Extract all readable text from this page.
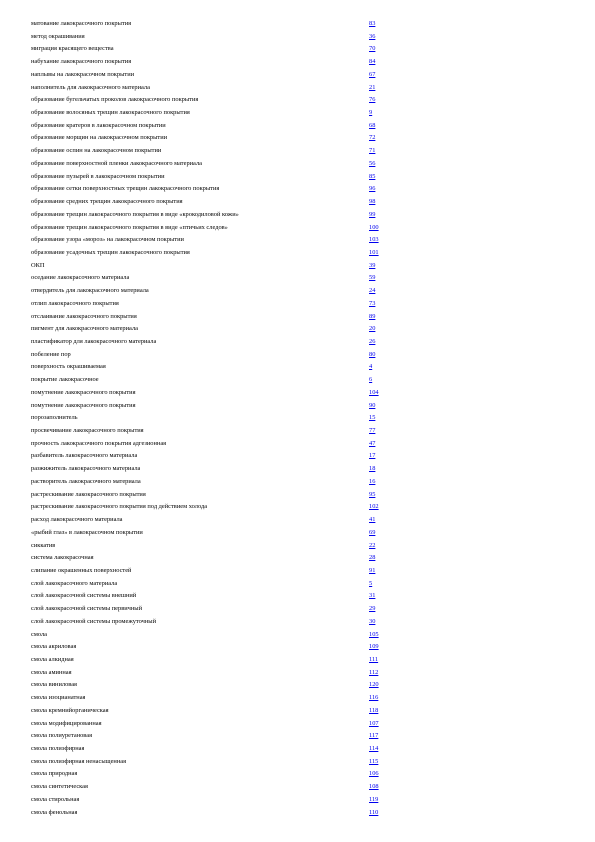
матование лакокрасочного покрытия	83
метод окрашивания	36
миграция красящего вещества	70
набухание лакокрасочного покрытия	84
наплывы на лакокрасочном покрытии	67
наполнитель для лакокрасочного материала	21
образование бугельчатых проколов лакокрасочного покрытия	76
образование волосяных трещин лакокрасочного покрытия	9
образование кратеров в лакокрасочном покрытии	68
образование морщин на лакокрасочном покрытии	72
образование оспин на лакокрасочном покрытии	71
образование поверхностной пленки лакокрасочного материала	56
образование пузырей в лакокрасочном покрытии	85
образование сетки поверхностных трещин лакокрасочного покрытия	96
образование средних трещин лакокрасочного покрытия	98
образование трещин лакокрасочного покрытия в виде «крокодиловой кожи»	99
образование трещин лакокрасочного покрытия в виде «птичьих следов»	100
образование узора «мороз» на лакокрасочном покрытии	103
образование усадочных трещин лакокрасочного покрытия	101
ОКП	39
оседание лакокрасочного материала	59
отвердитель для лакокрасочного материала	24
отлип лакокрасочного покрытия	73
отслаивание лакокрасочного покрытия	89
пигмент для лакокрасочного материала	20
пластификатор для лакокрасочного материала	26
побеление пор	80
поверхность окрашиваемая	4
покрытие лакокрасочное	6
помутнение лакокрасочного покрытия	104
помутнение лакокрасочного покрытия	90
порозаполнитель	15
просвечивание лакокрасочного покрытия	77
прочность лакокрасочного покрытия адгезионная	47
разбавитель лакокрасочного материала	17
разжижитель лакокрасочного материала	18
растворитель лакокрасочного материала	16
растрескивание лакокрасочного покрытия	95
растрескивание лакокрасочного покрытия под действием холода	102
расход лакокрасочного материала	41
«рыбий глаз» в лакокрасочном покрытии	69
сиккатив	22
система лакокрасочная	28
слипание окрашенных поверхностей	91
слой лакокрасочного материала	5
слой лакокрасочной системы внешний	31
слой лакокрасочной системы первичный	29
слой лакокрасочной системы промежуточный	30
смола	105
смола акриловая	109
смола алкидная	111
смола аминная	112
смола виниловая	120
смола изоцианатная	116
смола кремнийорганическая	118
смола модифицированная	107
смола полиуретановая	117
смола полиэфирная	114
смола полиэфирная ненасыщенная	115
смола природная	106
смола синтетическая	108
смола стирольная	119
смола фенольная	110
